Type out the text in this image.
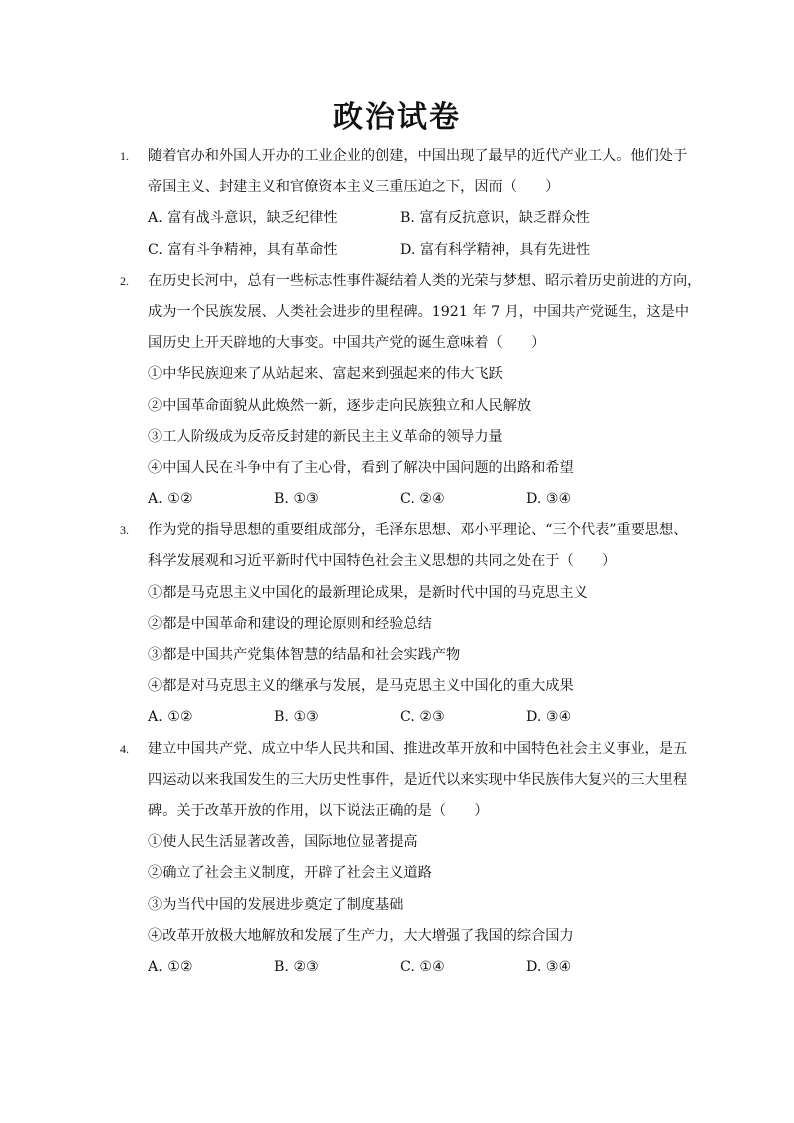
政治试卷
1.	随着官办和外国人开办的工业企业的创建，中国出现了最早的近代产业工人。他们处于
帝国主义、封建主义和官僚资本主义三重压迫之下，因而（　　）
A. 富有战斗意识，缺乏纪律性	B. 富有反抗意识，缺乏群众性
C. 富有斗争精神，具有革命性	D. 富有科学精神，具有先进性
2.	在历史长河中，总有一些标志性事件凝结着人类的光荣与梦想、昭示着历史前进的方向，
成为一个民族发展、人类社会进步的里程碑。1921 年 7 月，中国共产党诞生，这是中
国历史上开天辟地的大事变。中国共产党的诞生意味着（　　）
①中华民族迎来了从站起来、富起来到强起来的伟大飞跃
②中国革命面貌从此焕然一新，逐步走向民族独立和人民解放
③工人阶级成为反帝反封建的新民主主义革命的领导力量
④中国人民在斗争中有了主心骨，看到了解决中国问题的出路和希望
A. ①②	B. ①③	C. ②④	D. ③④
3.	作为党的指导思想的重要组成部分，毛泽东思想、邓小平理论、“三个代表”重要思想、
科学发展观和习近平新时代中国特色社会主义思想的共同之处在于（　　）
①都是马克思主义中国化的最新理论成果，是新时代中国的马克思主义
②都是中国革命和建设的理论原则和经验总结
③都是中国共产党集体智慧的结晶和社会实践产物
④都是对马克思主义的继承与发展，是马克思主义中国化的重大成果
A. ①②	B. ①③	C. ②③	D. ③④
4.	建立中国共产党、成立中华人民共和国、推进改革开放和中国特色社会主义事业，是五
四运动以来我国发生的三大历史性事件，是近代以来实现中华民族伟大复兴的三大里程
碑。关于改革开放的作用，以下说法正确的是（　　）
①使人民生活显著改善，国际地位显著提高
②确立了社会主义制度，开辟了社会主义道路
③为当代中国的发展进步奠定了制度基础
④改革开放极大地解放和发展了生产力，大大增强了我国的综合国力
A. ①②	B. ②③	C. ①④	D. ③④
